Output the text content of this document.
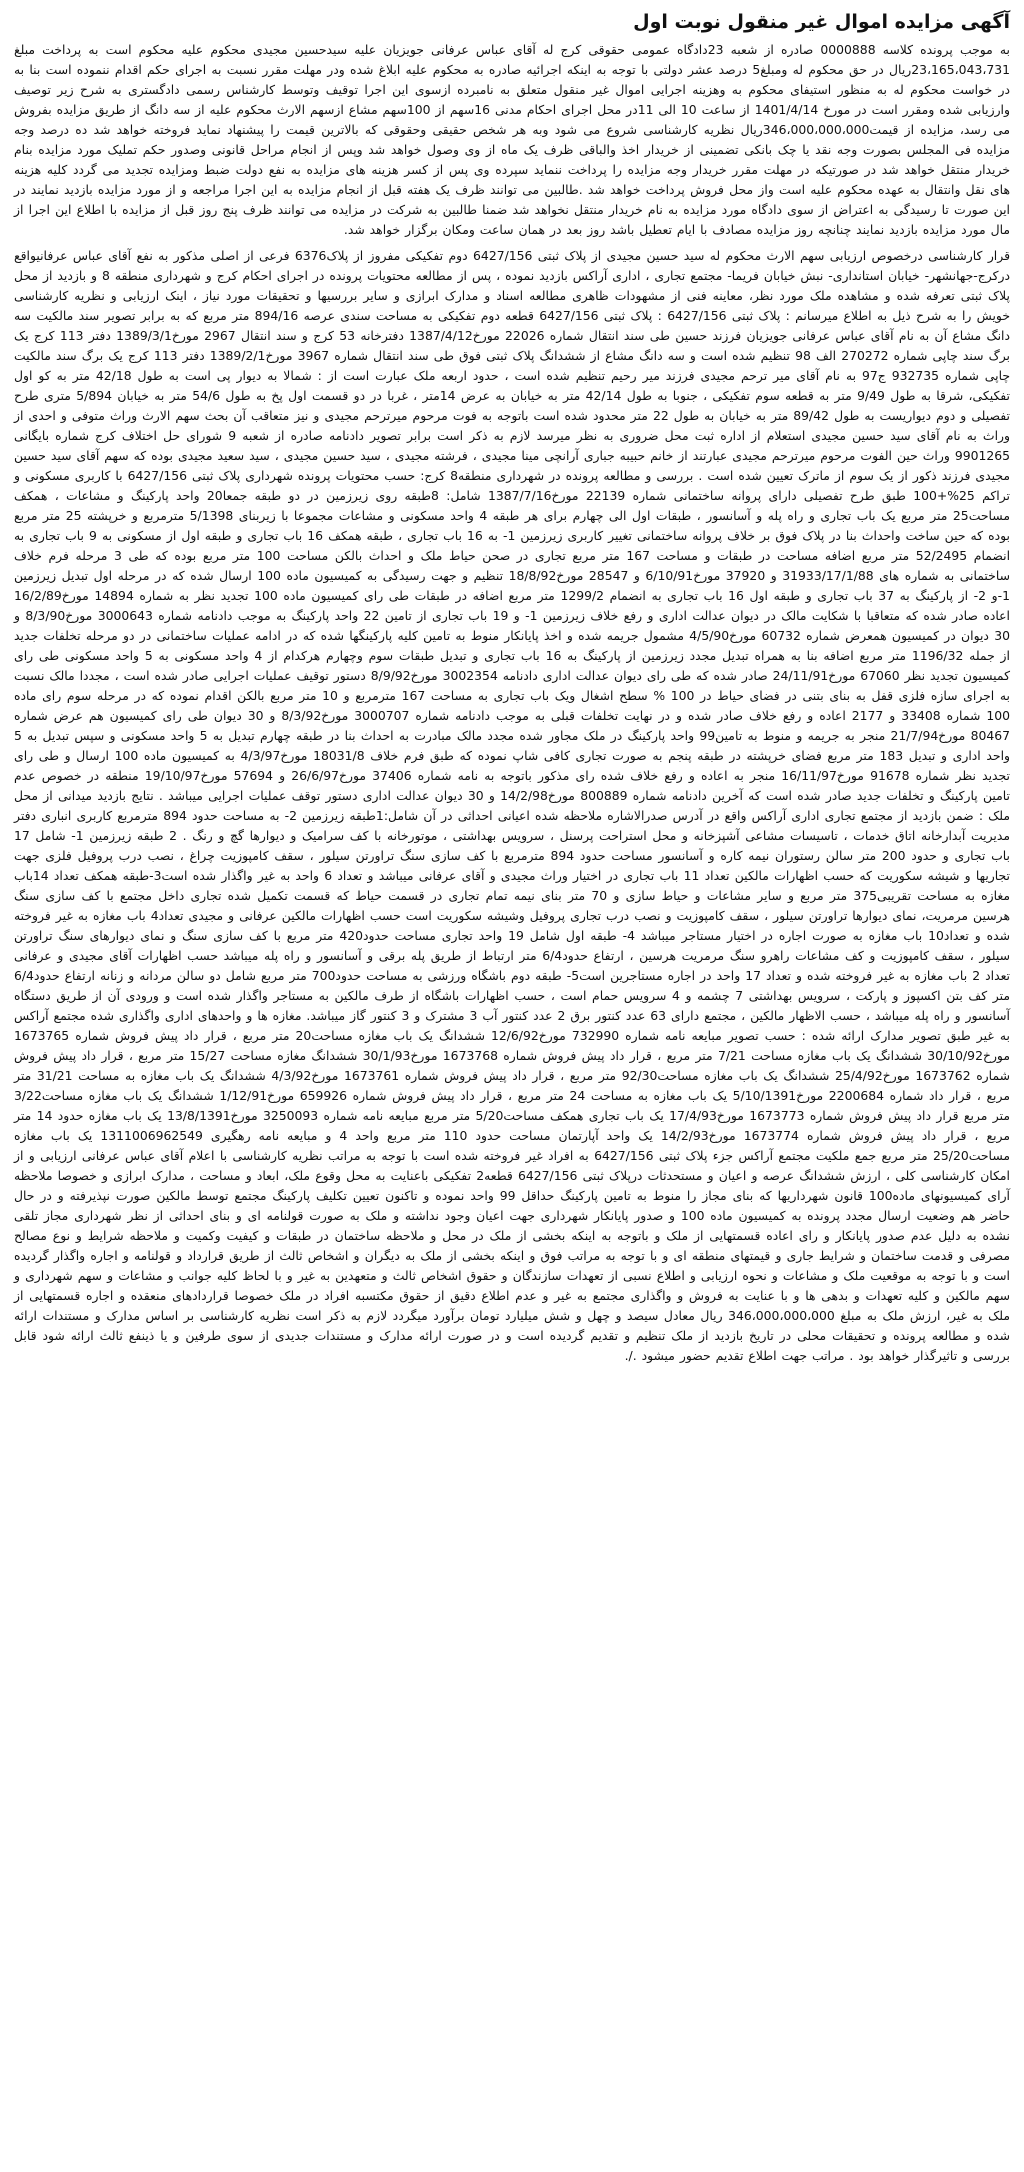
آگهی مزایده اموال غیر منقول نوبت اول

به موجب پرونده کلاسه 0000888 صادره از شعبه 23دادگاه عمومی حقوقی کرج له آقای عباس عرفانی جویزیان علیه سیدحسین مجیدی محکوم علیه محکوم است به پرداخت مبلغ 23،165،043،731ریال در حق محکوم له ومبلغ5 درصد عشر دولتی با توجه به اینکه اجرائیه صادره به محکوم علیه ابلاغ شده ودر مهلت مقرر نسبت به اجرای حکم اقدام ننموده است بنا به در خواست محکوم له به منظور استیفای محکوم به وهزینه اجرایی اموال غیر منقول متعلق به نامبرده ازسوی این اجرا توقیف وتوسط کارشناس رسمی دادگستری به شرح زیر توصیف وارزیابی شده ومقرر است در مورخ 1401/4/14 از ساعت 10 الی 11در محل اجرای احکام مدنی 16سهم از 100سهم مشاع ازسهم الارث محکوم علیه از سه دانگ از طریق مزایده بفروش می رسد، مزایده از قیمت346،000،000،000ریال نظریه کارشناسی شروع می شود وبه هر شخص حقیقی وحقوقی که بالاترین قیمت را پیشنهاد نماید فروخته خواهد شد ده درصد وجه مزایده فی المجلس بصورت وجه نقد یا چک بانکی تضمینی از خریدار اخذ والباقی ظرف یک ماه از وی وصول خواهد شد وپس از انجام مراحل قانونی وصدور حکم تملیک مورد مزایده بنام خریدار منتقل خواهد شد در صورتیکه در مهلت مقرر خریدار وجه مزایده را پرداخت ننماید سپرده وی پس از کسر هزینه های مزایده به نفع دولت ضبط ومزایده تجدید می گردد کلیه هزینه های نقل وانتقال به عهده محکوم علیه است واز محل فروش پرداخت خواهد شد .طالبین می توانند ظرف یک هفته قبل از انجام مزایده به این اجرا مراجعه و از مورد مزایده بازدید نمایند در این صورت تا رسیدگی به اعتراض از سوی دادگاه مورد مزایده به نام خریدار منتقل نخواهد شد ضمنا طالبین به شرکت در مزایده می توانند ظرف پنج روز قبل از مزایده با اطلاع این اجرا از مال مورد مزایده بازدید نمایند چنانچه روز مزایده مصادف با ایام تعطیل باشد روز بعد در همان ساعت ومکان برگزار خواهد شد.

قرار کارشناسی درخصوص ارزیابی سهم الارث محکوم له سید حسین مجیدی از پلاک ثبتی 6427/156 دوم تفکیکی مفروز از پلاک6376 فرعی از اصلی مذکور به نفع آقای عباس عرفانیواقع درکرج-جهانشهر- خیابان استانداری- نبش خیابان فریما- مجتمع تجاری ، اداری آراکس بازدید نموده ، پس از مطالعه محتویات پرونده در اجرای احکام کرج و شهرداری منطقه 8 و بازدید از محل پلاک ثبتی تعرفه شده و مشاهده ملک مورد نظر، معاینه فنی از مشهودات ظاهری مطالعه اسناد و مدارک ابرازی و سایر بررسیها و تحقیقات مورد نیاز ، اینک ارزیابی و نظریه کارشناسی خویش را به شرح ذیل به اطلاع میرسانم : پلاک ثبتی 6427/156 : پلاک ثبتی 6427/156 قطعه دوم تفکیکی به مساحت سندی عرصه 894/16 متر مربع که به برابر تصویر سند مالکیت سه دانگ مشاع آن به نام آقای عباس عرفانی جویزیان فرزند حسین طی سند انتقال شماره 22026 مورخ1387/4/12 دفترخانه 53 کرج و سند انتقال 2967 مورخ1389/3/1 دفتر 113 کرج یک برگ سند چاپی شماره 270272 الف 98 تنظیم شده است و سه دانگ مشاع از ششدانگ پلاک ثبتی فوق طی سند انتقال شماره 3967 مورخ1389/2/1 دفتر 113 کرج یک برگ سند مالکیت چاپی شماره 932735 ج97 به نام آقای میر ترحم مجیدی فرزند میر رحیم تنظیم شده است ، حدود اربعه ملک عبارت است از : شمالا به دیوار پی است به طول 42/18 متر به کو اول تفکیکی، شرقا به طول 9/49 متر به قطعه سوم تفکیکی ، جنوبا به طول 42/14 متر به خیابان به عرض 14متر ، غربا در دو قسمت اول پخ به طول 54/6 متر به خیابان 5/894 متری طرح تفصیلی و دوم دیواریست به طول 89/42 متر به خیابان به طول 22 متر محدود شده است باتوجه به فوت مرحوم میرترحم مجیدی و نیز متعاقب آن بحث سهم الارث وراث متوفی و احدی از وراث به نام آقای سید حسین مجیدی استعلام از اداره ثبت محل ضروری به نظر میرسد لازم به ذکر است برابر تصویر دادنامه صادره از شعبه 9 شورای حل اختلاف کرج شماره بایگانی 9901265 وراث حین الفوت مرحوم میرترحم مجیدی عبارتند از خانم حبیبه جباری آرانچی مینا مجیدی ، فرشته مجیدی ، سید حسین مجیدی ، سید سعید مجیدی بوده که سهم آقای سید حسین مجیدی فرزند ذکور از یک سوم از ماترک تعیین شده است . بررسی و مطالعه پرونده در شهرداری منطقه8 کرج: حسب محتویات پرونده شهرداری پلاک ثبتی 6427/156 با کاربری مسکونی و تراکم 25%+100 طبق طرح تفصیلی دارای پروانه ساختمانی شماره 22139 مورخ1387/7/16 شامل: 8طبقه روی زیرزمین در دو طبقه جمعا20 واحد پارکینگ و مشاعات ، همکف مساحت25 متر مربع یک باب تجاری و راه پله و آسانسور ، طبقات اول الی چهارم برای هر طبقه 4 واحد مسکونی و مشاعات مجموعا با زیربنای 5/1398 مترمربع و خرپشته 25 متر مربع بوده که حین ساخت واحداث بنا در پلاک فوق بر خلاف پروانه ساختمانی تغییر کاربری زیرزمین 1- به 16 باب تجاری ، طبقه همکف 16 باب تجاری و طبقه اول از مسکونی به 9 باب تجاری به انضمام 52/2495 متر مربع اضافه مساحت در طبقات و مساحت 167 متر مربع تجاری در صحن حیاط ملک و احداث بالکن مساحت 100 متر مربع بوده که طی 3 مرحله فرم خلاف ساختمانی به شماره های 31933/17/1/88 و 37920 مورخ6/10/91 و 28547 مورخ18/8/92 تنظیم و جهت رسیدگی به کمیسیون ماده 100 ارسال شده که در مرحله اول تبدیل زیرزمین 1-و 2- از پارکینگ به 37 باب تجاری و طبقه اول 16 باب تجاری به انضمام 1299/2 متر مربع اضافه در طبقات طی رای کمیسیون ماده 100 تجدید نظر به شماره 14894 مورخ16/2/89 اعاده صادر شده که متعاقبا با شکایت مالک در دیوان عدالت اداری و رفع خلاف زیرزمین 1- و 19 باب تجاری از تامین 22 واحد پارکینگ به موجب دادنامه شماره 3000643 مورخ8/3/90 و 30 دیوان در کمیسیون همعرض شماره 60732 مورخ4/5/90 مشمول جریمه شده و اخذ پایانکار منوط به تامین کلیه پارکینگها شده که در ادامه عملیات ساختمانی در دو مرحله تخلفات جدید از جمله 1196/32 متر مربع اضافه بنا به همراه تبدیل مجدد زیرزمین از پارکینگ به 16 باب تجاری و تبدیل طبقات سوم وچهارم هرکدام از 4 واحد مسکونی به 5 واحد مسکونی طی رای کمیسیون تجدید نظر 67060 مورخ24/11/91 صادر شده که طی رای دیوان عدالت اداری دادنامه 3002354 مورخ8/9/92 دستور توقیف عملیات اجرایی صادر شده است ، مجددا مالک نسبت به اجرای سازه فلزی قفل به بنای بتنی در فضای حیاط در 100 % سطح اشغال ویک باب تجاری به مساحت 167 مترمربع و 10 متر مربع بالکن اقدام نموده که در مرحله سوم رای ماده 100 شماره 33408 و 2177 اعاده و رفع خلاف صادر شده و در نهایت تخلفات قبلی به موجب دادنامه شماره 3000707 مورخ8/3/92 و 30 دیوان طی رای کمیسیون هم عرض شماره 80467 مورخ21/7/94 منجر به جریمه و منوط به تامین99 واحد پارکینگ در ملک مجاور شده مجدد مالک مبادرت به احداث بنا در طبقه چهارم تبدیل به 5 واحد مسکونی و سپس تبدیل به 5 واحد اداری و تبدیل 183 متر مربع فضای خرپشته در طبقه پنجم به صورت تجاری کافی شاپ نموده که طبق فرم خلاف 18031/8 مورخ4/3/97 به کمیسیون ماده 100 ارسال و طی رای تجدید نظر شماره 91678 مورخ16/11/97 منجر به اعاده و رفع خلاف شده رای مذکور باتوجه به نامه شماره 37406 مورخ26/6/97 و 57694 مورخ19/10/97 منطقه در خصوص عدم تامین پارکینگ و تخلفات جدید صادر شده است که آخرین دادنامه شماره 800889 مورخ14/2/98 و 30 دیوان عدالت اداری دستور توقف عملیات اجرایی میباشد . نتایج بازدید میدانی از محل ملک : ضمن بازدید از مجتمع تجاری اداری آراکس واقع در آدرس صدرالاشاره ملاحظه شده اعیانی احداثی در آن شامل:1طبقه زیرزمین 2- به مساحت حدود 894 مترمربع کاربری انباری دفتر مدیریت آبدارخانه اتاق خدمات ، تاسیسات مشاعی آشپزخانه و محل استراحت پرسنل ، سرویس بهداشتی ، موتورخانه با کف سرامیک و دیوارها گچ و رنگ . 2 طبقه زیرزمین 1- شامل 17 باب تجاری و حدود 200 متر سالن رستوران نیمه کاره و آسانسور مساحت حدود 894 مترمربع با کف سازی سنگ تراورتن سیلور ، سقف کامپوزیت چراغ ، نصب درب پروفیل فلزی جهت تجاریها و شیشه سکوریت که حسب اظهارات مالکین تعداد 11 باب تجاری در اختیار وراث مجیدی و آقای عرفانی میباشد و تعداد 6 واحد به غیر واگذار شده است3-طبقه همکف تعداد 14باب مغازه به مساحت تقریبی375 متر مربع و سایر مشاعات و حیاط سازی و 70 متر بنای نیمه تمام تجاری در قسمت حیاط که قسمت تکمیل شده تجاری داخل مجتمع با کف سازی سنگ هرسین مرمریت، نمای دیوارها تراورتن سیلور ، سقف کامپوزیت و نصب درب تجاری پروفیل وشیشه سکوریت است حسب اظهارات مالکین عرفانی و مجیدی تعداد4 باب مغازه به غیر فروخته شده و تعداد10 باب مغازه به صورت اجاره در اختیار مستاجر میباشد 4- طبقه اول شامل 19 واحد تجاری مساحت حدود420 متر مربع با کف سازی سنگ و نمای دیوارهای سنگ تراورتن سیلور ، سقف کامپوزیت و کف مشاعات راهرو سنگ مرمریت هرسین ، ارتفاع حدود6/4 متر ارتباط از طریق پله برقی و آسانسور و راه پله میباشد حسب اظهارات آقای مجیدی و عرفانی تعداد 2 باب مغازه به غیر فروخته شده و تعداد 17 واحد در اجاره مستاجرین است5- طبقه دوم باشگاه ورزشی به مساحت حدود700 متر مربع شامل دو سالن مردانه و زنانه ارتفاع حدود6/4 متر کف بتن اکسپوز و پارکت ، سرویس بهداشتی 7 چشمه و 4 سرویس حمام است ، حسب اظهارات باشگاه از طرف مالکین به مستاجر واگذار شده است و ورودی آن از طریق دستگاه آسانسور و راه پله میباشد ، حسب الاظهار مالکین ، مجتمع دارای 63 عدد کنتور برق 2 عدد کنتور آب 3 مشترک و 3 کنتور گاز میباشد. مغازه ها و واحدهای اداری واگذاری شده مجتمع آراکس به غیر طبق تصویر مدارک ارائه شده : حسب تصویر مبایعه نامه شماره 732990 مورخ12/6/92 ششدانگ یک باب مغازه مساحت20 متر مربع ، قرار داد پیش فروش شماره 1673765 مورخ30/10/92 ششدانگ یک باب مغازه مساحت 7/21 متر مربع ، قرار داد پیش فروش شماره 1673768 مورخ30/1/93 ششدانگ مغازه مساحت 15/27 متر مربع ، قرار داد پیش فروش شماره 1673762 مورخ25/4/92 ششدانگ یک باب مغازه مساحت92/30 متر مربع ، قرار داد پیش فروش شماره 1673761 مورخ4/3/92 ششدانگ یک باب مغازه به مساحت 31/21 متر مربع ، قرار داد شماره 2200684 مورخ5/10/1391 یک باب مغازه به مساحت 24 متر مربع ، قرار داد پیش فروش شماره 659926 مورخ1/12/91 ششدانگ یک باب مغازه مساحت3/22 متر مربع قرار داد پیش فروش شماره 1673773 مورخ17/4/93 یک باب تجاری همکف مساحت5/20 متر مربع مبایعه نامه شماره 3250093 مورخ13/8/1391 یک باب مغازه حدود 14 متر مربع ، قرار داد پیش فروش شماره 1673774 مورخ14/2/93 یک واحد آپارتمان مساحت حدود 110 متر مربع واحد 4 و مبایعه نامه رهگیری 1311006962549 یک باب مغازه مساحت25/20 متر مربع جمع ملکیت مجتمع آراکس جزء پلاک ثبتی 6427/156 به افراد غیر فروخته شده است با توجه به مراتب نظریه کارشناسی با اعلام آقای عباس عرفانی ارزیابی و از امکان کارشناسی کلی ، ارزش ششدانگ عرصه و اعیان و مستحدثات درپلاک ثبتی 6427/156 قطعه2 تفکیکی باعنایت به محل وقوع ملک، ابعاد و مساحت ، مدارک ابرازی و خصوصا ملاحظه آرای کمیسیونهای ماده100 قانون شهرداریها که بنای مجاز را منوط به تامین پارکینگ حداقل 99 واحد نموده و تاکنون تعیین تکلیف پارکینگ مجتمع توسط مالکین صورت نپذیرفته و در حال حاضر هم وضعیت ارسال مجدد پرونده به کمیسیون ماده 100 و صدور پایانکار شهرداری جهت اعیان وجود نداشته و ملک به صورت قولنامه ای و بنای احداثی از نظر شهرداری مجاز تلقی نشده به دلیل عدم صدور پایانکار و رای اعاده قسمتهایی از ملک و باتوجه به اینکه بخشی از ملک در محل و ملاحظه ساختمان در طبقات و کیفیت وکمیت و ملاحظه شرایط و نوع مصالح مصرفی و قدمت ساختمان و شرایط جاری و قیمتهای منطقه ای و با توجه به مراتب فوق و اینکه بخشی از ملک به دیگران و اشخاص ثالث از طریق قرارداد و قولنامه و اجاره واگذار گردیده است و با توجه به موقعیت ملک و مشاعات و نحوه ارزیابی و اطلاع نسبی از تعهدات سازندگان و حقوق اشخاص ثالث و متعهدین به غیر و با لحاظ کلیه جوانب و مشاعات و سهم شهرداری و سهم مالکین و کلیه تعهدات و بدهی ها و با عنایت به فروش و واگذاری مجتمع به غیر و عدم اطلاع دقیق از حقوق مکتسبه افراد در ملک خصوصا قراردادهای منعقده و اجاره قسمتهایی از ملک به غیر، ارزش ملک به مبلغ 346،000،000،000 ریال معادل سیصد و چهل و شش میلیارد تومان برآورد میگردد لازم به ذکر است نظریه کارشناسی بر اساس مدارک و مستندات ارائه شده و مطالعه پرونده و تحقیقات محلی در تاریخ بازدید از ملک تنظیم و تقدیم گردیده است و در صورت ارائه مدارک و مستندات جدیدی از سوی طرفین و یا ذینفع ثالث ارائه شود قابل بررسی و تاثیرگذار خواهد بود . مراتب جهت اطلاع تقدیم حضور میشود ./.
